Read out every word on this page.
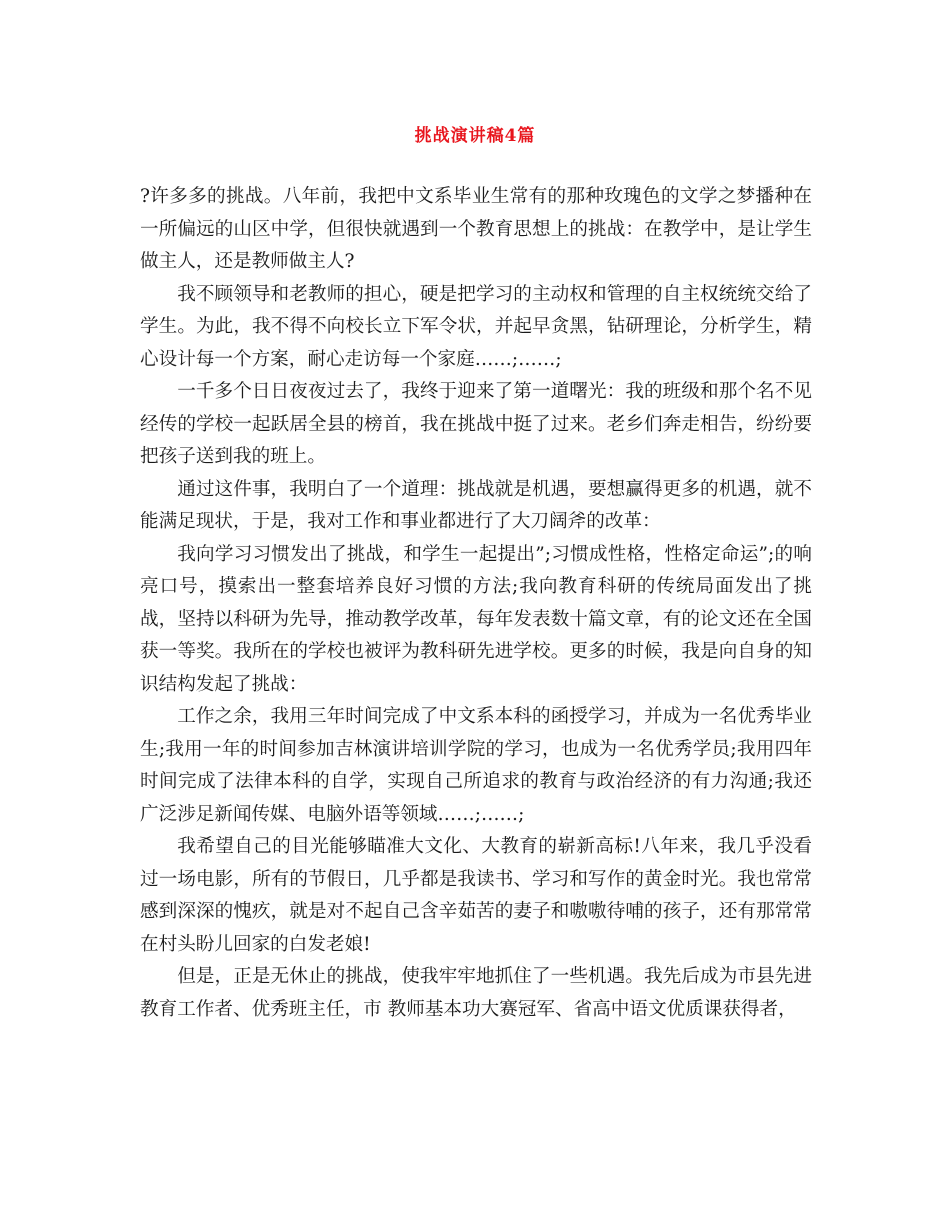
挑战演讲稿4篇

?许多多的挑战。八年前，我把中文系毕业生常有的那种玫瑰色的文学之梦播种在一所偏远的山区中学，但很快就遇到一个教育思想上的挑战：在教学中，是让学生做主人，还是教师做主人?

我不顾领导和老教师的担心，硬是把学习的主动权和管理的自主权统统交给了学生。为此，我不得不向校长立下军令状，并起早贪黑，钻研理论，分析学生，精心设计每一个方案，耐心走访每一个家庭……;……;

一千多个日日夜夜过去了，我终于迎来了第一道曙光：我的班级和那个名不见经传的学校一起跃居全县的榜首，我在挑战中挺了过来。老乡们奔走相告，纷纷要把孩子送到我的班上。

通过这件事，我明白了一个道理：挑战就是机遇，要想赢得更多的机遇，就不能满足现状，于是，我对工作和事业都进行了大刀阔斧的改革：

我向学习习惯发出了挑战，和学生一起提出”;习惯成性格，性格定命运”;的响亮口号，摸索出一整套培养良好习惯的方法;我向教育科研的传统局面发出了挑战，坚持以科研为先导，推动教学改革，每年发表数十篇文章，有的论文还在全国获一等奖。我所在的学校也被评为教科研先进学校。更多的时候，我是向自身的知识结构发起了挑战：

工作之余，我用三年时间完成了中文系本科的函授学习，并成为一名优秀毕业生;我用一年的时间参加吉林演讲培训学院的学习，也成为一名优秀学员;我用四年时间完成了法律本科的自学，实现自己所追求的教育与政治经济的有力沟通;我还广泛涉足新闻传媒、电脑外语等领域……;……;

我希望自己的目光能够瞄准大文化、大教育的崭新高标!八年来，我几乎没看过一场电影，所有的节假日，几乎都是我读书、学习和写作的黄金时光。我也常常感到深深的愧疚，就是对不起自己含辛茹苦的妻子和嗷嗷待哺的孩子，还有那常常在村头盼儿回家的白发老娘!

但是，正是无休止的挑战，使我牢牢地抓住了一些机遇。我先后成为市县先进教育工作者、优秀班主任，市 教师基本功大赛冠军、省高中语文优质课获得者，
